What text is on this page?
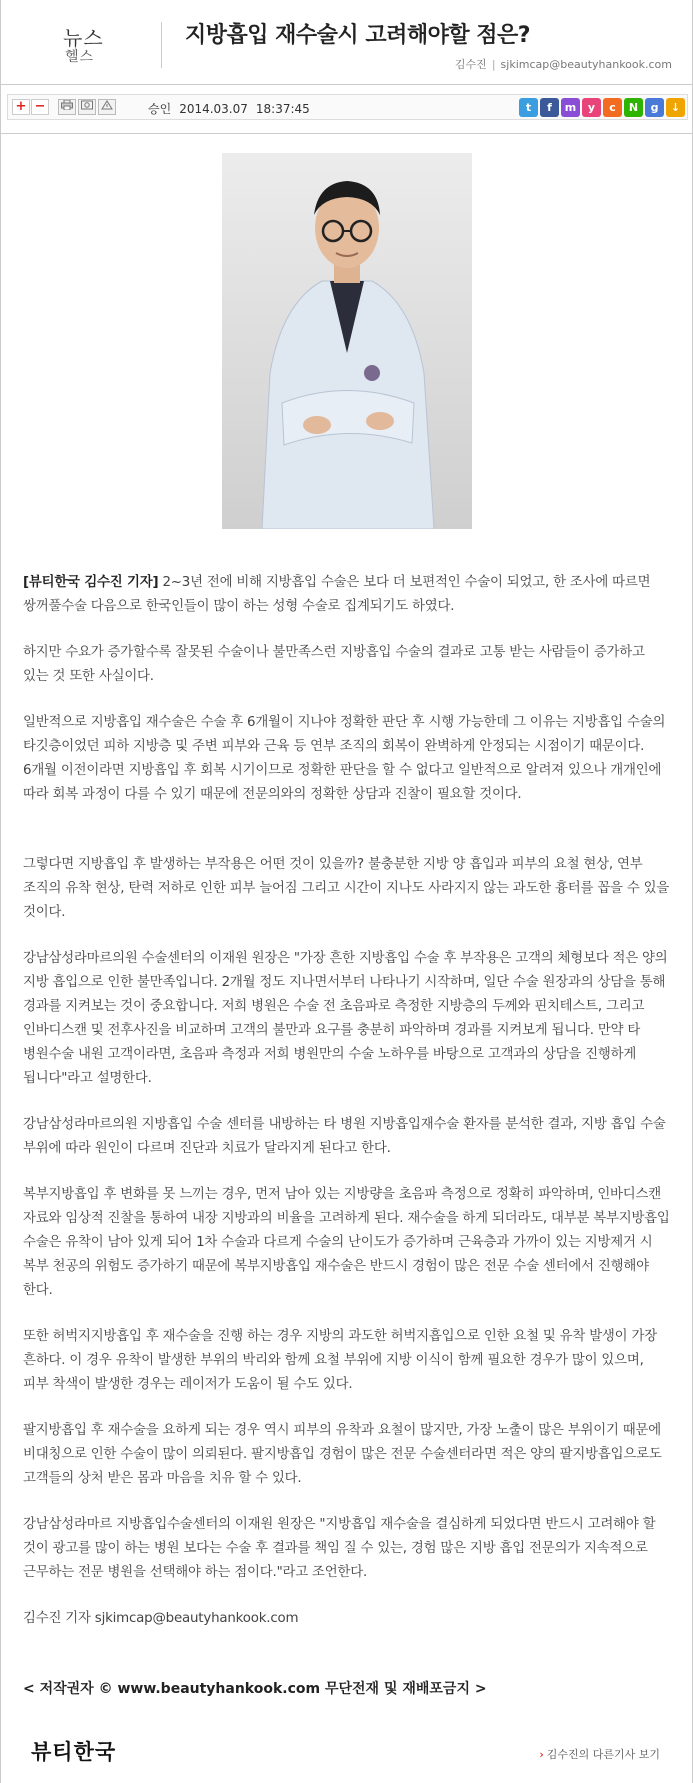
뉴스
헬스
지방흡입 재수술시 고려해야할 점은?
김수진 | sjkimcap@beautyhankook.com
+ −	승인 2014.03.07 18:37:45	t	f	m	y	c	N	g	↓

[뷰티한국 김수진 기자] 2~3년 전에 비해 지방흡입 수술은 보다 더 보편적인 수술이 되었고, 한 조사에 따르면 쌍꺼풀수술 다음으로 한국인들이 많이 하는 성형 수술로 집계되기도 하였다.

하지만 수요가 증가할수록 잘못된 수술이나 불만족스런 지방흡입 수술의 결과로 고통 받는 사람들이 증가하고 있는 것 또한 사실이다.

일반적으로 지방흡입 재수술은 수술 후 6개월이 지나야 정확한 판단 후 시행 가능한데 그 이유는 지방흡입 수술의 타깃층이었던 피하 지방층 및 주변 피부와 근육 등 연부 조직의 회복이 완벽하게 안정되는 시점이기 때문이다. 6개월 이전이라면 지방흡입 후 회복 시기이므로 정확한 판단을 할 수 없다고 일반적으로 알려져 있으나 개개인에 따라 회복 과정이 다를 수 있기 때문에 전문의와의 정확한 상담과 진찰이 필요할 것이다.

그렇다면 지방흡입 후 발생하는 부작용은 어떤 것이 있을까? 불충분한 지방 양 흡입과 피부의 요철 현상, 연부 조직의 유착 현상, 탄력 저하로 인한 피부 늘어짐 그리고 시간이 지나도 사라지지 않는 과도한 흉터를 꼽을 수 있을 것이다.

강남삼성라마르의원 수술센터의 이재원 원장은 "가장 흔한 지방흡입 수술 후 부작용은 고객의 체형보다 적은 양의 지방 흡입으로 인한 불만족입니다. 2개월 정도 지나면서부터 나타나기 시작하며, 일단 수술 원장과의 상담을 통해 경과를 지켜보는 것이 중요합니다. 저희 병원은 수술 전 초음파로 측정한 지방층의 두께와 핀치테스트, 그리고 인바디스캔 및 전후사진을 비교하며 고객의 불만과 요구를 충분히 파악하며 경과를 지켜보게 됩니다. 만약 타 병원수술 내원 고객이라면, 초음파 측정과 저희 병원만의 수술 노하우를 바탕으로 고객과의 상담을 진행하게 됩니다"라고 설명한다.

강남삼성라마르의원 지방흡입 수술 센터를 내방하는 타 병원 지방흡입재수술 환자를 분석한 결과, 지방 흡입 수술 부위에 따라 원인이 다르며 진단과 치료가 달라지게 된다고 한다.

복부지방흡입 후 변화를 못 느끼는 경우, 먼저 남아 있는 지방량을 초음파 측정으로 정확히 파악하며, 인바디스캔 자료와 임상적 진찰을 통하여 내장 지방과의 비율을 고려하게 된다. 재수술을 하게 되더라도, 대부분 복부지방흡입 수술은 유착이 남아 있게 되어 1차 수술과 다르게 수술의 난이도가 증가하며 근육층과 가까이 있는 지방제거 시 복부 천공의 위험도 증가하기 때문에 복부지방흡입 재수술은 반드시 경험이 많은 전문 수술 센터에서 진행해야 한다.

또한 허벅지지방흡입 후 재수술을 진행 하는 경우 지방의 과도한 허벅지흡입으로 인한 요철 및 유착 발생이 가장 흔하다. 이 경우 유착이 발생한 부위의 박리와 함께 요철 부위에 지방 이식이 함께 필요한 경우가 많이 있으며, 피부 착색이 발생한 경우는 레이저가 도움이 될 수도 있다.

팔지방흡입 후 재수술을 요하게 되는 경우 역시 피부의 유착과 요철이 많지만, 가장 노출이 많은 부위이기 때문에 비대칭으로 인한 수술이 많이 의뢰된다. 팔지방흡입 경험이 많은 전문 수술센터라면 적은 양의 팔지방흡입으로도 고객들의 상처 받은 몸과 마음을 치유 할 수 있다.

강남삼성라마르 지방흡입수술센터의 이재원 원장은 "지방흡입 재수술을 결심하게 되었다면 반드시 고려해야 할 것이 광고를 많이 하는 병원 보다는 수술 후 결과를 책임 질 수 있는, 경험 많은 지방 흡입 전문의가 지속적으로 근무하는 전문 병원을 선택해야 하는 점이다."라고 조언한다.

김수진 기자 sjkimcap@beautyhankook.com

< 저작권자 © www.beautyhankook.com 무단전재 및 재배포금지 >
뷰티한국	› 김수진의 다른기사 보기
